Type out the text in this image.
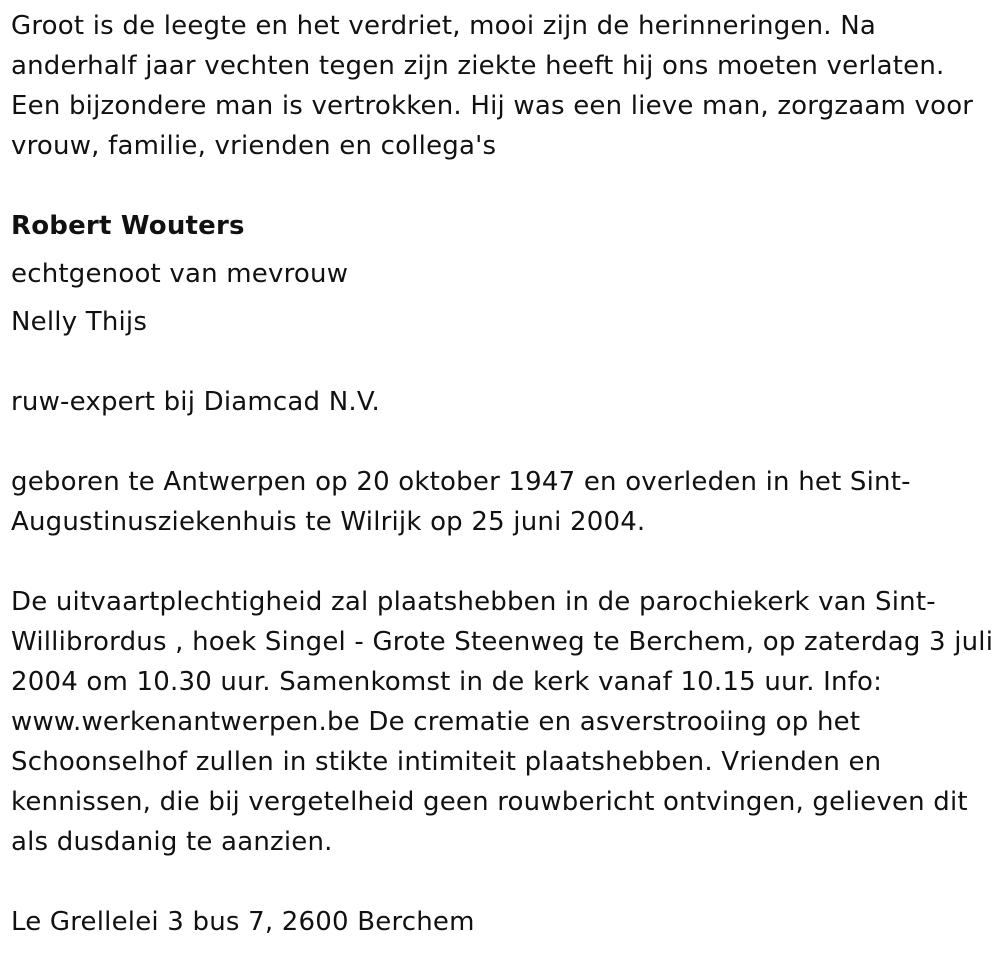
Groot is de leegte en het verdriet, mooi zijn de herinneringen. Na anderhalf jaar vechten tegen zijn ziekte heeft hij ons moeten verlaten. Een bijzondere man is vertrokken. Hij was een lieve man, zorgzaam voor vrouw, familie, vrienden en collega's

Robert Wouters

echtgenoot van mevrouw

Nelly Thijs

ruw-expert bij Diamcad N.V.

geboren te Antwerpen op 20 oktober 1947 en overleden in het Sint-Augustinusziekenhuis te Wilrijk op 25 juni 2004.

De uitvaartplechtigheid zal plaatshebben in de parochiekerk van Sint-Willibrordus , hoek Singel - Grote Steenweg te Berchem, op zaterdag 3 juli 2004 om 10.30 uur. Samenkomst in de kerk vanaf 10.15 uur. Info: www.werkenantwerpen.be De crematie en asverstrooiing op het Schoonselhof zullen in stikte intimiteit plaatshebben. Vrienden en kennissen, die bij vergetelheid geen rouwbericht ontvingen, gelieven dit als dusdanig te aanzien.

Le Grellelei 3 bus 7, 2600 Berchem
